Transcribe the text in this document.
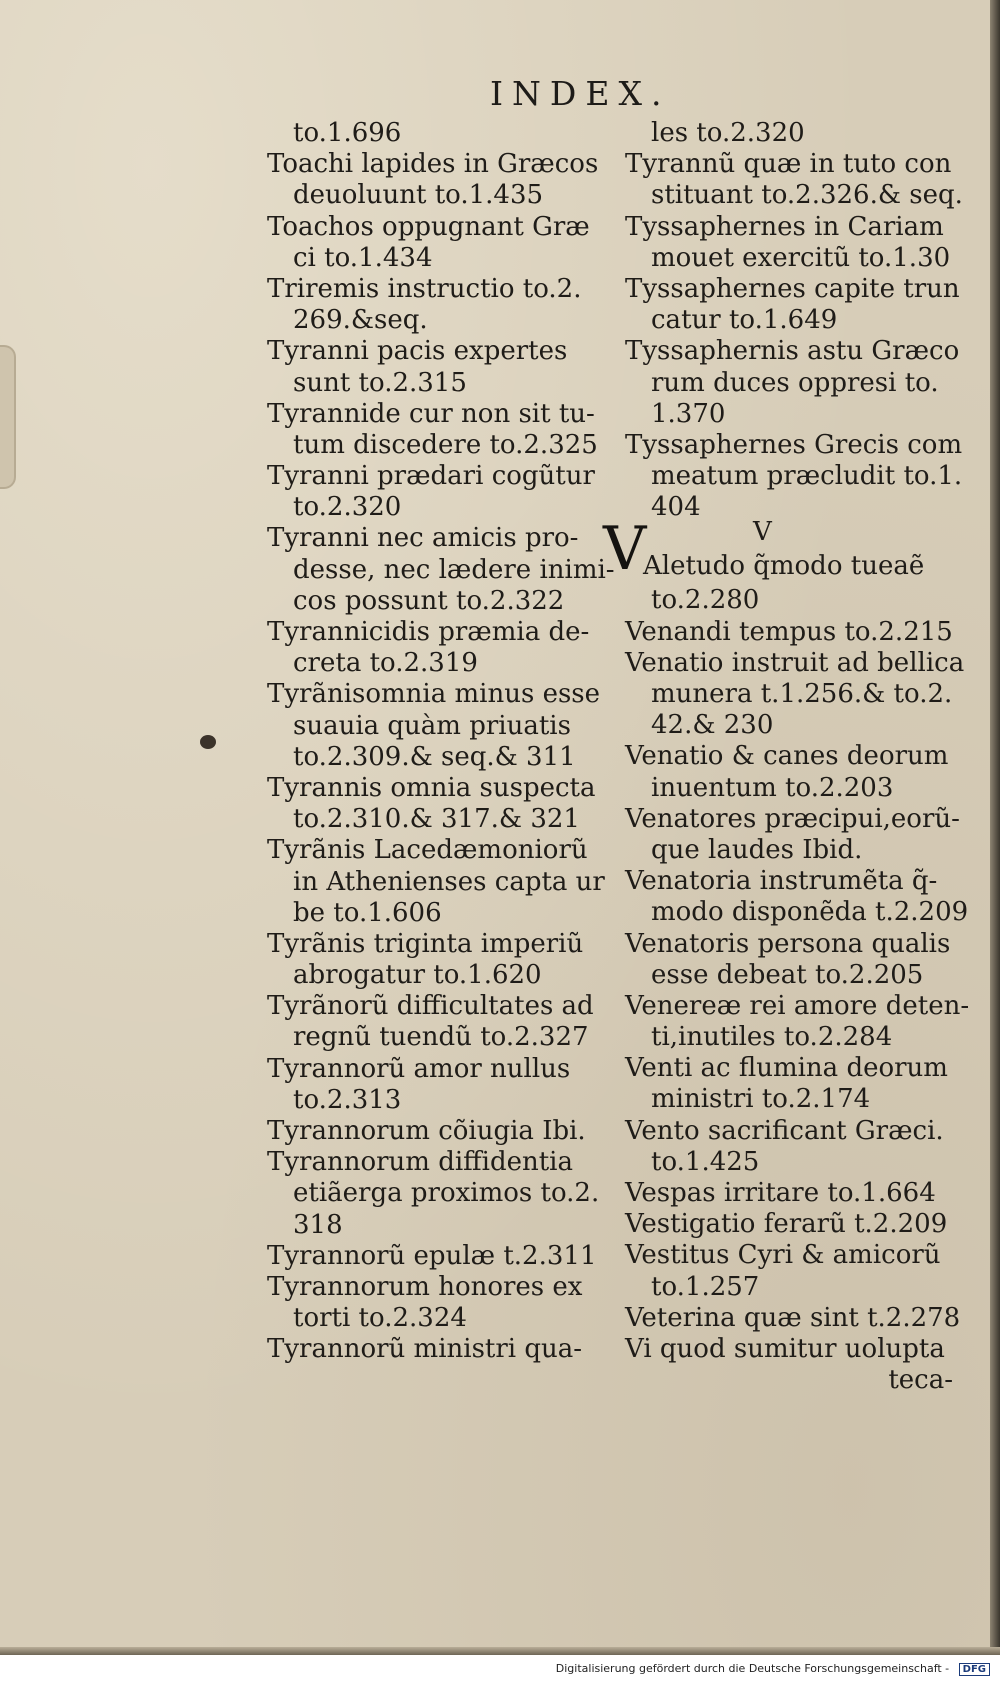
INDEX.
to.1.696
Toachi lapides in Græcos
deuoluunt to.1.435
Toachos oppugnant Græ
ci to.1.434
Triremis instructio to.2.
269.&seq.
Tyranni pacis expertes
sunt to.2.315
Tyrannide cur non sit tu-
tum discedere to.2.325
Tyranni prædari cogũtur
to.2.320
Tyranni nec amicis pro-
desse, nec lædere inimi-
cos possunt to.2.322
Tyrannicidis præmia de-
creta to.2.319
Tyrãnisomnia minus esse
suauia quàm priuatis
to.2.309.& seq.& 311
Tyrannis omnia suspecta
to.2.310.& 317.& 321
Tyrãnis Lacedæmoniorũ
in Athenienses capta ur
be to.1.606
Tyrãnis triginta imperiũ
abrogatur to.1.620
Tyrãnorũ difficultates ad
regnũ tuendũ to.2.327
Tyrannorũ amor nullus
to.2.313
Tyrannorum cõiugia Ibi.
Tyrannorum diffidentia
etiãerga proximos to.2.
318
Tyrannorũ epulæ t.2.311
Tyrannorum honores ex
torti to.2.324
Tyrannorũ ministri qua-
les to.2.320
Tyrannũ quæ in tuto con
stituant to.2.326.& seq.
Tyssaphernes in Cariam
mouet exercitũ to.1.30
Tyssaphernes capite trun
catur to.1.649
Tyssaphernis astu Græco
rum duces oppresi to.
1.370
Tyssaphernes Grecis com
meatum præcludit to.1.
404
V	V
Aletudo q̃modo tueaẽ
to.2.280
Venandi tempus to.2.215
Venatio instruit ad bellica
munera t.1.256.& to.2.
42.& 230
Venatio & canes deorum
inuentum to.2.203
Venatores præcipui,eorũ-
que laudes Ibid.
Venatoria instrumẽta q̃-
modo disponẽda t.2.209
Venatoris persona qualis
esse debeat to.2.205
Venereæ rei amore deten-
ti,inutiles to.2.284
Venti ac flumina deorum
ministri to.2.174
Vento sacrificant Græci.
to.1.425
Vespas irritare to.1.664
Vestigatio ferarũ t.2.209
Vestitus Cyri & amicorũ
to.1.257
Veterina quæ sint t.2.278
Vi quod sumitur uolupta
teca-
Digitalisierung gefördert durch die Deutsche Forschungsgemeinschaft - DFG
